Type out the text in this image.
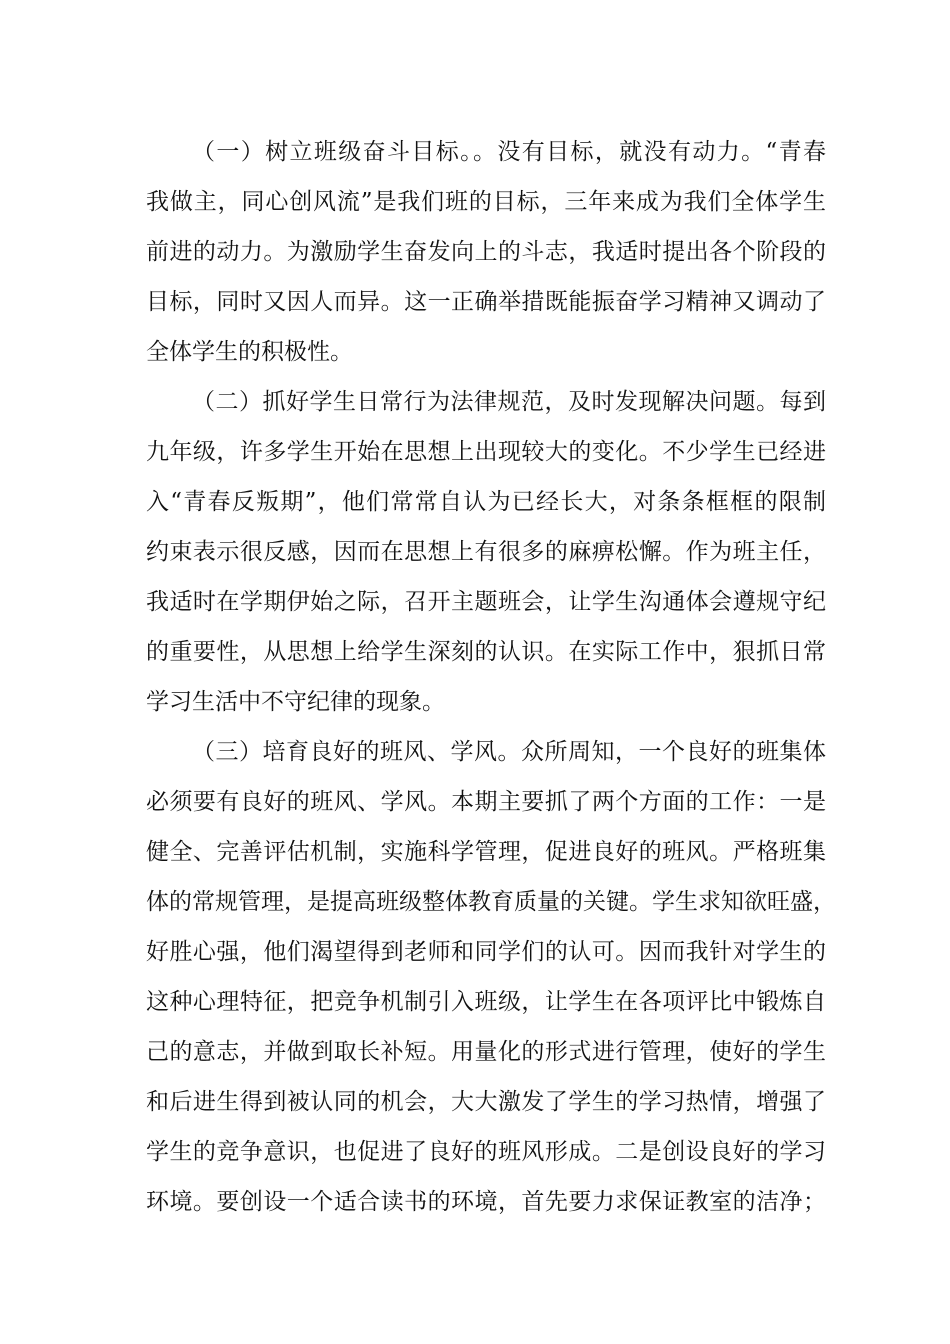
（一）树立班级奋斗目标。。没有目标，就没有动力。“青春
我做主，同心创风流”是我们班的目标，三年来成为我们全体学生
前进的动力。为激励学生奋发向上的斗志，我适时提出各个阶段的
目标，同时又因人而异。这一正确举措既能振奋学习精神又调动了
全体学生的积极性。
（二）抓好学生日常行为法律规范，及时发现解决问题。每到
九年级，许多学生开始在思想上出现较大的变化。不少学生已经进
入“青春反叛期”，他们常常自认为已经长大，对条条框框的限制
约束表示很反感，因而在思想上有很多的麻痹松懈。作为班主任，
我适时在学期伊始之际，召开主题班会，让学生沟通体会遵规守纪
的重要性，从思想上给学生深刻的认识。在实际工作中，狠抓日常
学习生活中不守纪律的现象。
（三）培育良好的班风、学风。众所周知，一个良好的班集体
必须要有良好的班风、学风。本期主要抓了两个方面的工作：一是
健全、完善评估机制，实施科学管理，促进良好的班风。严格班集
体的常规管理，是提高班级整体教育质量的关键。学生求知欲旺盛，
好胜心强，他们渴望得到老师和同学们的认可。因而我针对学生的
这种心理特征，把竞争机制引入班级，让学生在各项评比中锻炼自
己的意志，并做到取长补短。用量化的形式进行管理，使好的学生
和后进生得到被认同的机会，大大激发了学生的学习热情，增强了
学生的竞争意识，也促进了良好的班风形成。二是创设良好的学习
环境。要创设一个适合读书的环境，首先要力求保证教室的洁净；
